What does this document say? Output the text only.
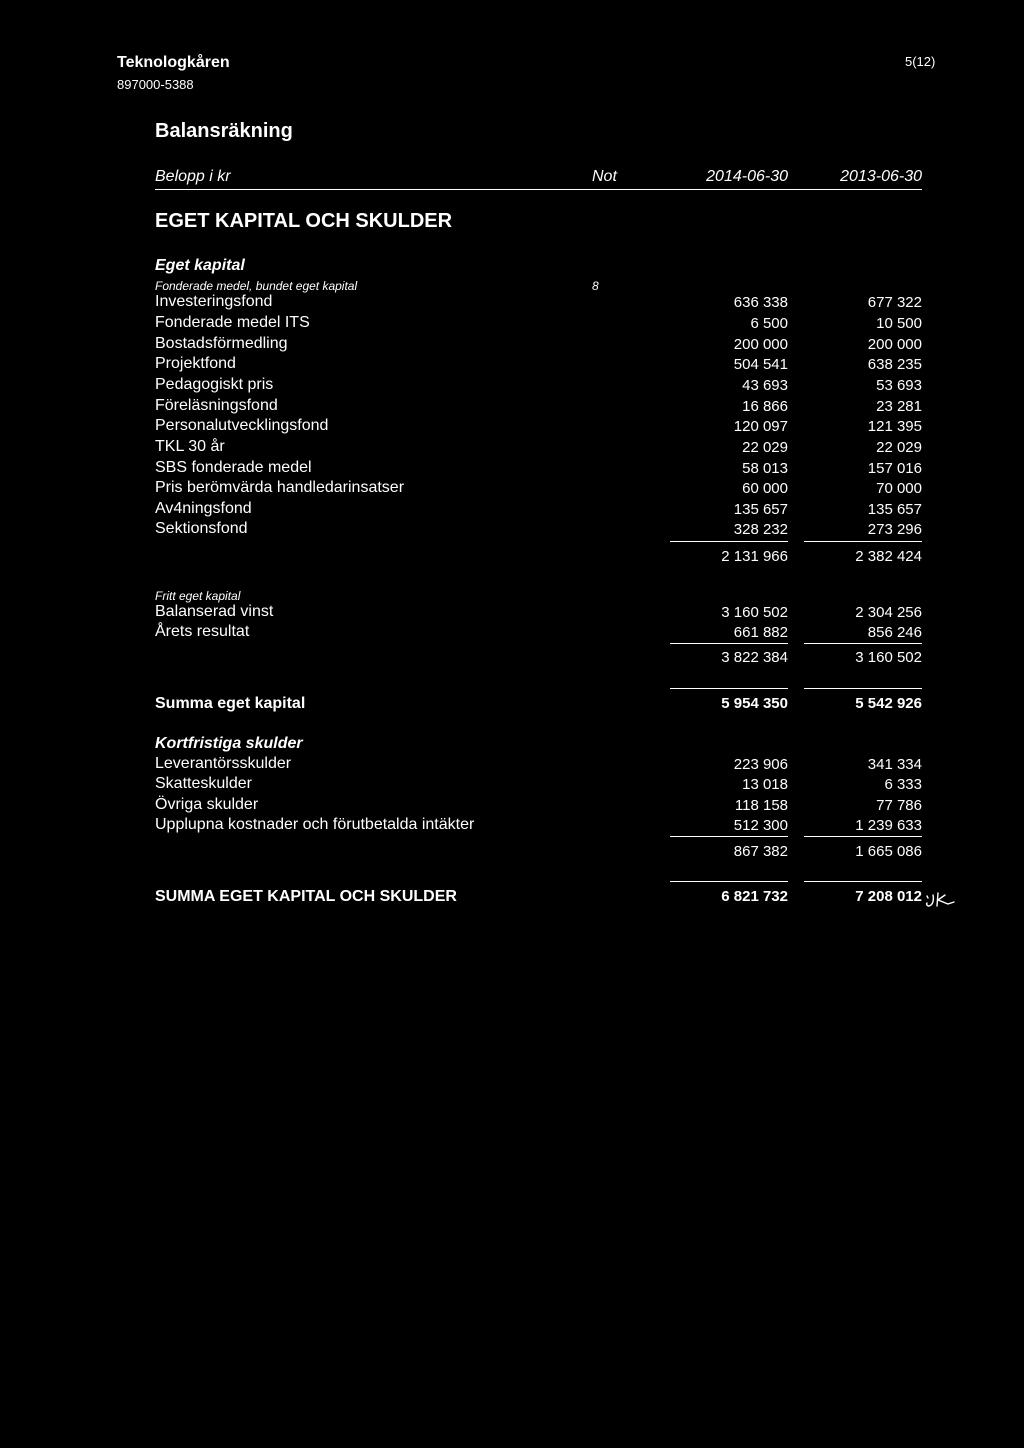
Teknologkåren
897000-5388
5(12)
Balansräkning
Belopp i kr	Not	2014-06-30	2013-06-30
EGET KAPITAL OCH SKULDER
Eget kapital
Fonderade medel, bundet eget kapital	8
Investeringsfond	636 338	677 322
Fonderade medel ITS	6 500	10 500
Bostadsförmedling	200 000	200 000
Projektfond	504 541	638 235
Pedagogiskt pris	43 693	53 693
Föreläsningsfond	16 866	23 281
Personalutvecklingsfond	120 097	121 395
TKL 30 år	22 029	22 029
SBS fonderade medel	58 013	157 016
Pris berömvärda handledarinsatser	60 000	70 000
Av4ningsfond	135 657	135 657
Sektionsfond	328 232	273 296
2 131 966	2 382 424
Fritt eget kapital
Balanserad vinst	3 160 502	2 304 256
Årets resultat	661 882	856 246
3 822 384	3 160 502
Summa eget kapital	5 954 350	5 542 926
Kortfristiga skulder
Leverantörsskulder	223 906	341 334
Skatteskulder	13 018	6 333
Övriga skulder	118 158	77 786
Upplupna kostnader och förutbetalda intäkter	512 300	1 239 633
867 382	1 665 086
SUMMA EGET KAPITAL OCH SKULDER	6 821 732	7 208 012
